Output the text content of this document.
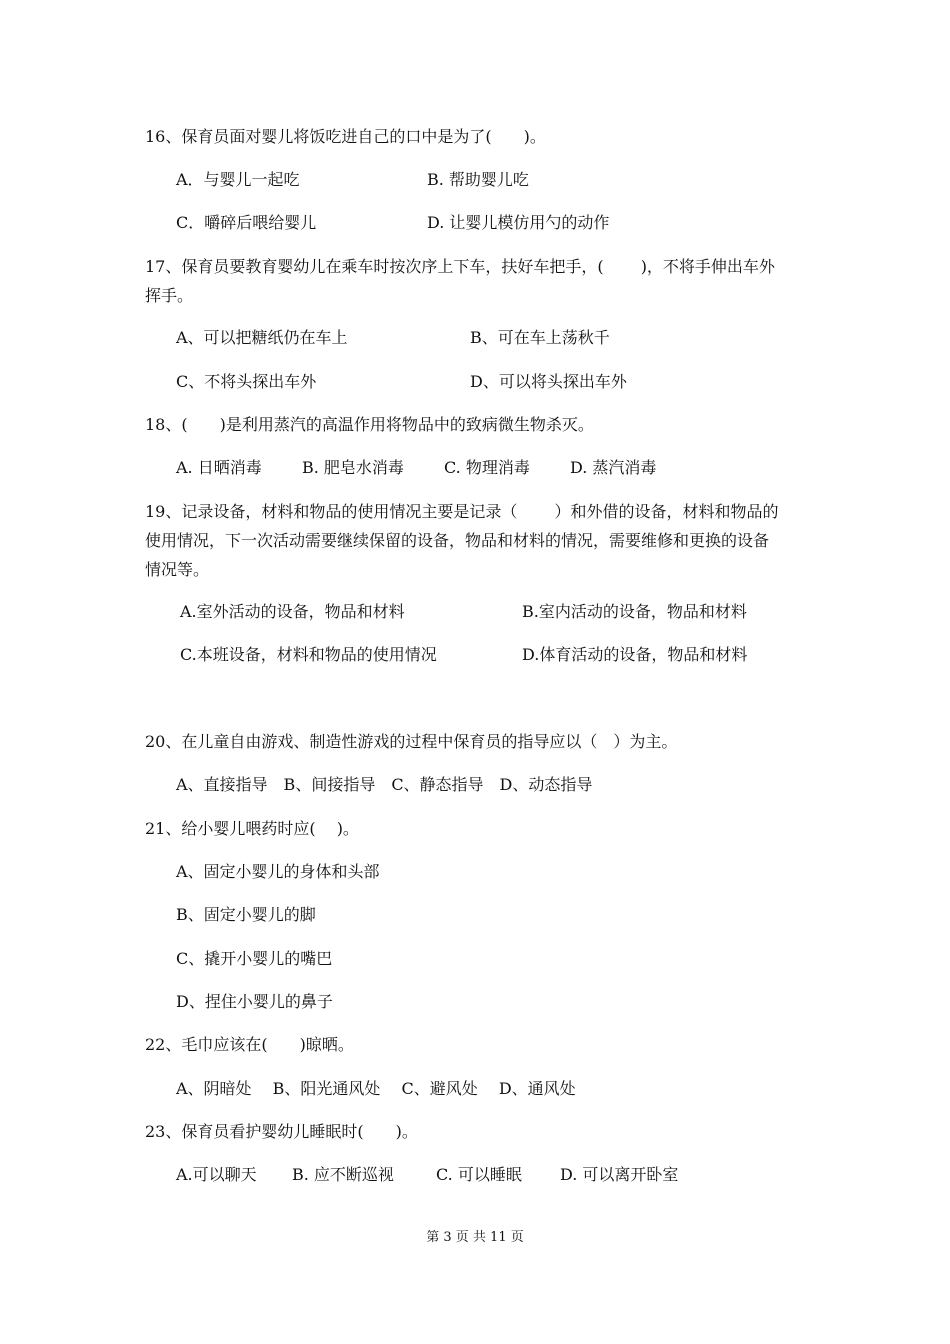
16、保育员面对婴儿将饭吃进自己的口中是为了(　　)。
A．与婴儿一起吃	B. 帮助婴儿吃
C．嚼碎后喂给婴儿	D. 让婴儿模仿用勺的动作
17、保育员要教育婴幼儿在乘车时按次序上下车，扶好车把手，(　　 )，不将手伸出车外
挥手。
A、可以把糖纸仍在车上	B、可在车上荡秋千
C、不将头探出车外	D、可以将头探出车外
18、(　　)是利用蒸汽的高温作用将物品中的致病微生物杀灭。
A. 日晒消毒	B. 肥皂水消毒	C. 物理消毒	D. 蒸汽消毒
19、记录设备，材料和物品的使用情况主要是记录（　　 ）和外借的设备，材料和物品的
使用情况，下一次活动需要继续保留的设备，物品和材料的情况，需要维修和更换的设备
情况等。
A.室外活动的设备，物品和材料	B.室内活动的设备，物品和材料
C.本班设备，材料和物品的使用情况	D.体育活动的设备，物品和材料
20、在儿童自由游戏、制造性游戏的过程中保育员的指导应以（　）为主。
A、直接指导　B、间接指导　C、静态指导　D、动态指导
21、给小婴儿喂药时应(　 )。
A、固定小婴儿的身体和头部
B、固定小婴儿的脚
C、撬开小婴儿的嘴巴
D、捏住小婴儿的鼻子
22、毛巾应该在(　　)晾晒。
A、阴暗处　 B、阳光通风处　 C、避风处　 D、通风处
23、保育员看护婴幼儿睡眠时(　　)。
A.可以聊天 B. 应不断巡视	C. 可以睡眠 D. 可以离开卧室
第 3 页 共 11 页
